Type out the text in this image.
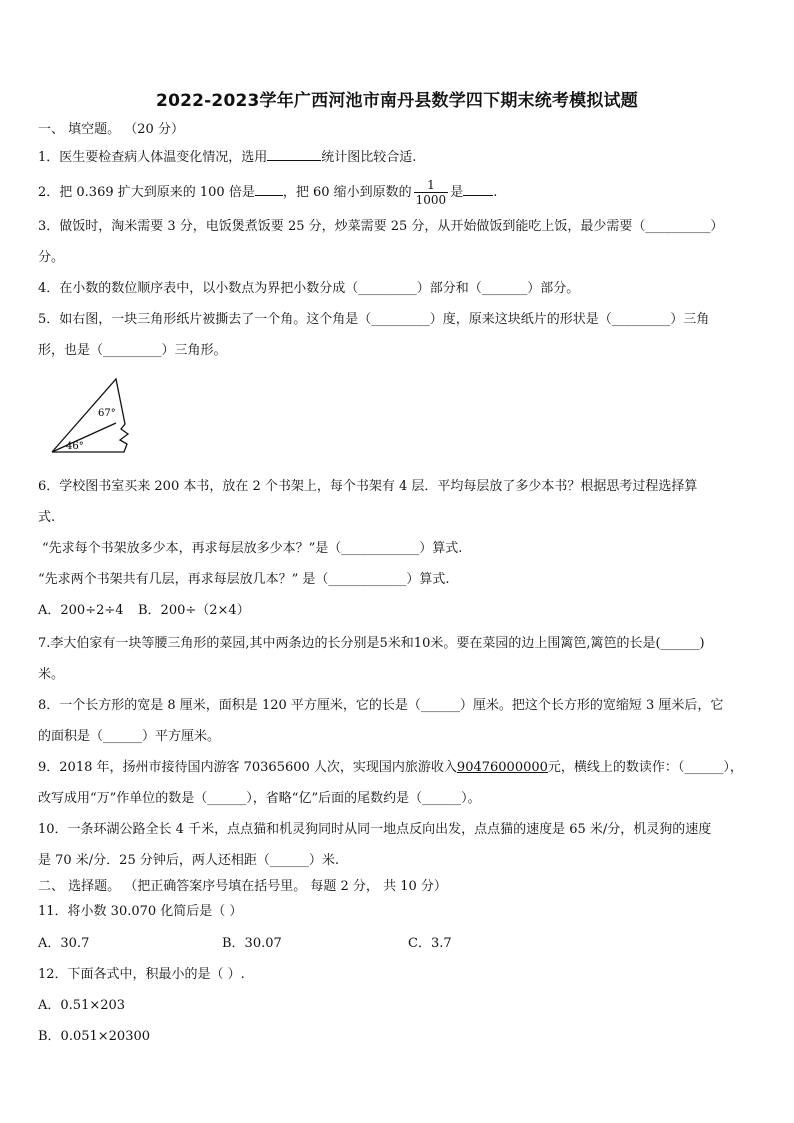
2022-2023学年广西河池市南丹县数学四下期末统考模拟试题
一、 填空题。 （20 分）
1．医生要检查病人体温变化情况，选用	统计图比较合适.
2．把 0.369 扩大到原来的 100 倍是 ，把 60 缩小到原数的 $\frac{1}{1000}$ 是 .
3．做饭时，淘米需要 3 分，电饭煲煮饭要 25 分，炒菜需要 25 分，从开始做饭到能吃上饭，最少需要（__________）
分。
4．在小数的数位顺序表中，以小数点为界把小数分成（_________）部分和（_______）部分。
5．如右图，一块三角形纸片被撕去了一个角。这个角是（_________）度，原来这块纸片的形状是（_________）三角
形，也是（_________）三角形。
67°
46°
6．学校图书室买来 200 本书，放在 2 个书架上，每个书架有 4 层．平均每层放了多少本书？根据思考过程选择算
式.
“先求每个书架放多少本，再求每层放多少本？”是（____________）算式.
“先求两个书架共有几层，再求每层放几本？” 是（____________）算式.
A．200÷2÷4 B．200÷（2×4）
7.李大伯家有一块等腰三角形的菜园,其中两条边的长分别是5米和10米。要在菜园的边上围篱笆,篱笆的长是(______)
米。
8．一个长方形的宽是 8 厘米，面积是 120 平方厘米，它的长是（______）厘米。把这个长方形的宽缩短 3 厘米后，它
的面积是（______）平方厘米。
9．2018 年，扬州市接待国内游客 70365600 人次，实现国内旅游收入90476000000元，横线上的数读作：（______），
改写成用“万”作单位的数是（______），省略“亿”后面的尾数约是（______）。
10．一条环湖公路全长 4 千米，点点猫和机灵狗同时从同一地点反向出发，点点猫的速度是 65 米/分，机灵狗的速度
是 70 米/分．25 分钟后，两人还相距（______）米.
二、 选择题。 （把正确答案序号填在括号里。 每题 2 分， 共 10 分）
11．将小数 30.070 化简后是（ ）
A．30.7	B．30.07	C．3.7
12．下面各式中，积最小的是（ ）.
A．0.51×203
B．0.051×20300
